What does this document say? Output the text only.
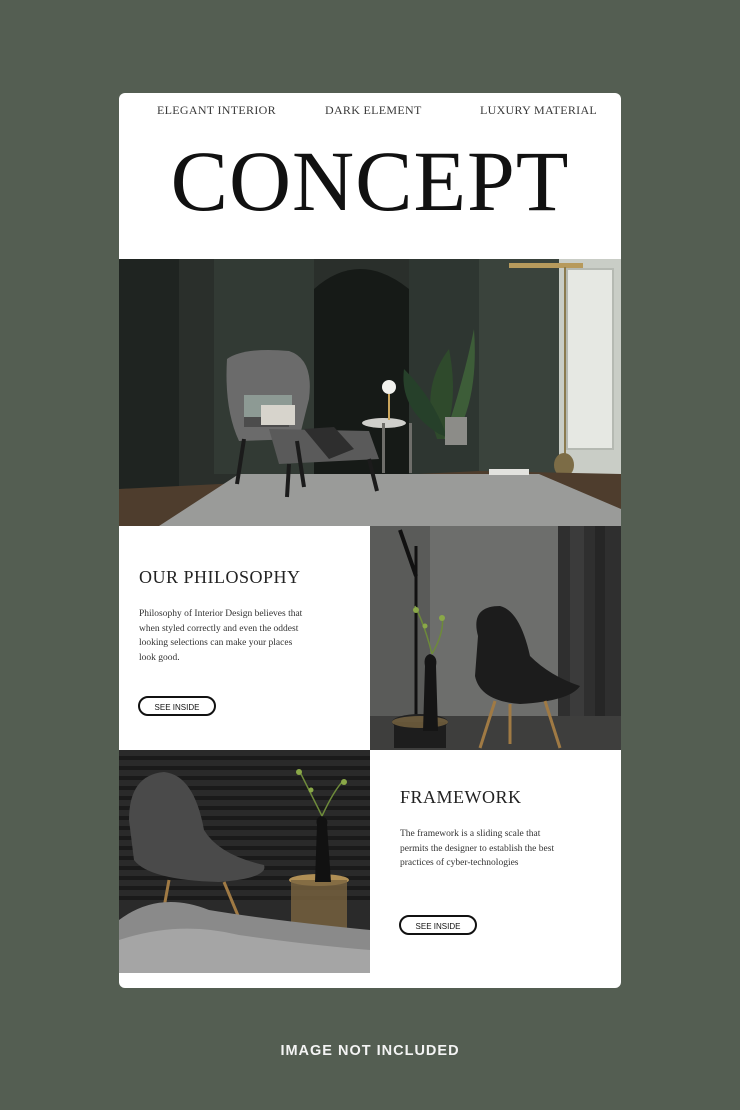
ELEGANT INTERIOR	DARK ELEMENT	LUXURY MATERIAL
CONCEPT
OUR PHILOSOPHY

Philosophy of Interior Design believes that when styled correctly and even the oddest looking selections can make your places look good.

SEE INSIDE
FRAMEWORK

The framework is a sliding scale that permits the designer to establish the best practices of cyber-technologies

SEE INSIDE
IMAGE NOT INCLUDED
